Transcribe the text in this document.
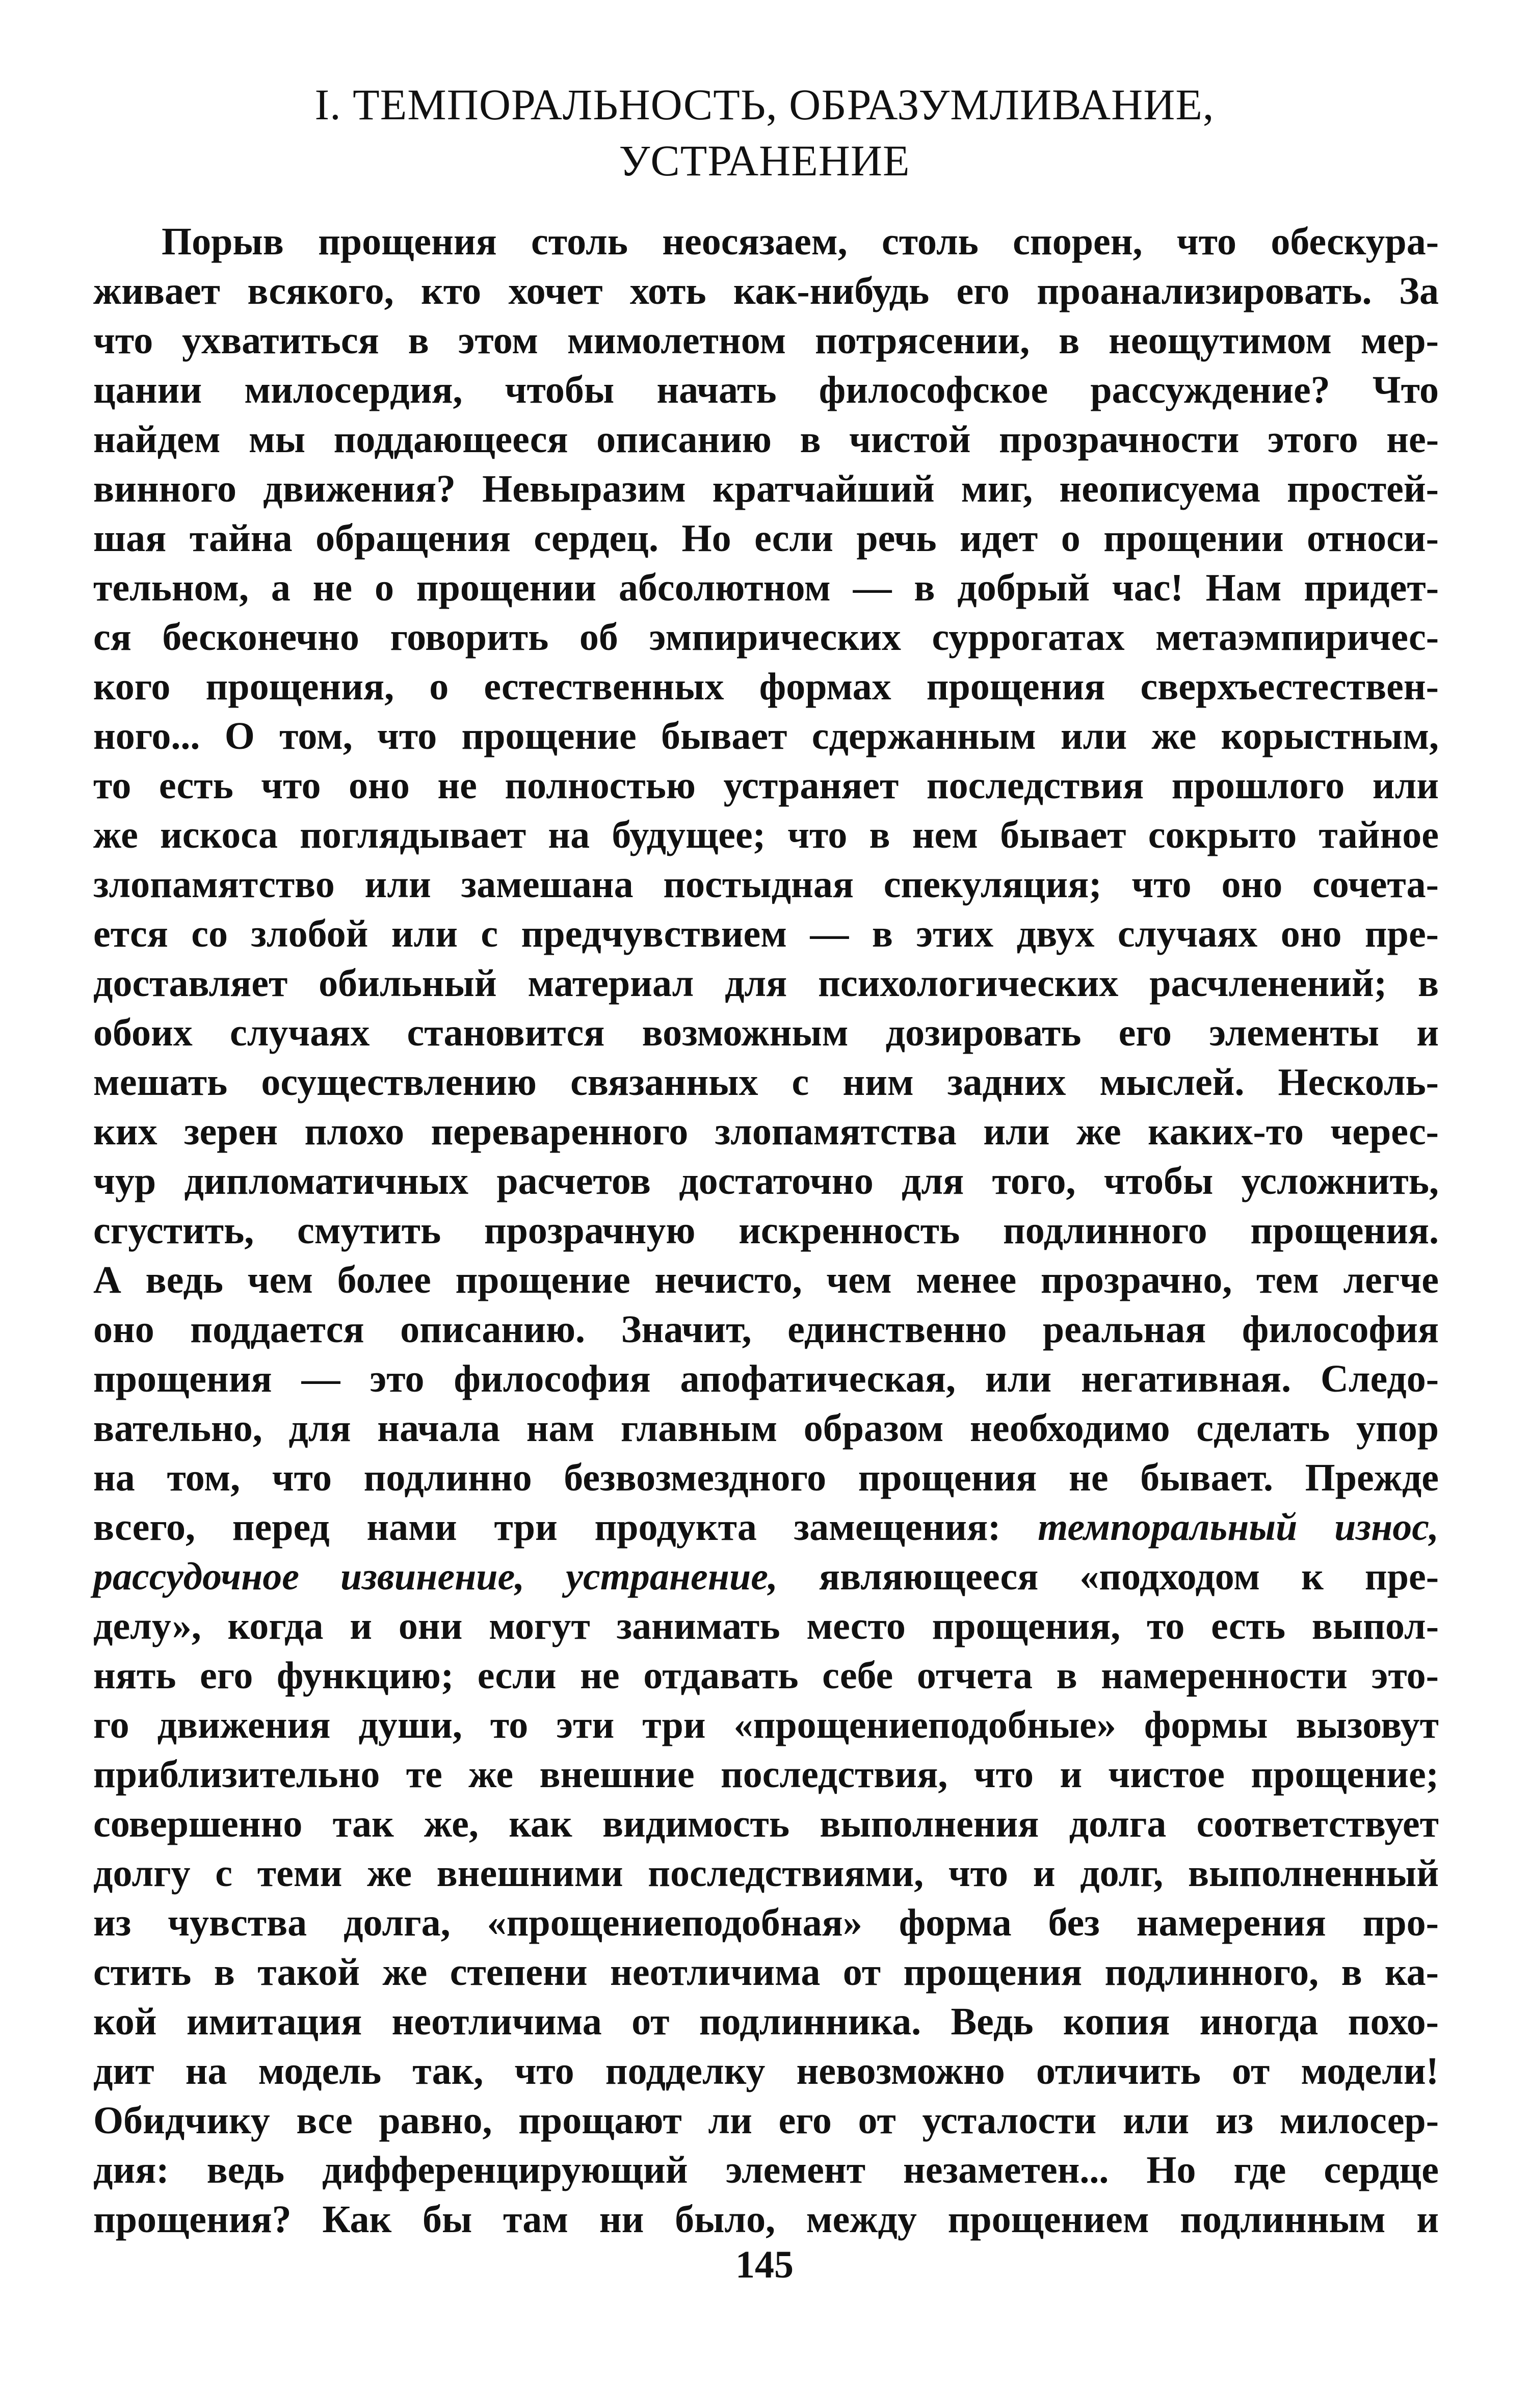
I. ТЕМПОРАЛЬНОСТЬ, ОБРАЗУМЛИВАНИЕ,
УСТРАНЕНИЕ
Порыв прощения столь неосязаем, столь спорен, что обескура-
живает всякого, кто хочет хоть как-нибудь его проанализировать. За
что ухватиться в этом мимолетном потрясении, в неощутимом мер-
цании милосердия, чтобы начать философское рассуждение? Что
найдем мы поддающееся описанию в чистой прозрачности этого не-
винного движения? Невыразим кратчайший миг, неописуема простей-
шая тайна обращения сердец. Но если речь идет о прощении относи-
тельном, а не о прощении абсолютном — в добрый час! Нам придет-
ся бесконечно говорить об эмпирических суррогатах метаэмпиричес-
кого прощения, о естественных формах прощения сверхъестествен-
ного... О том, что прощение бывает сдержанным или же корыстным,
то есть что оно не полностью устраняет последствия прошлого или
же искоса поглядывает на будущее; что в нем бывает сокрыто тайное
злопамятство или замешана постыдная спекуляция; что оно сочета-
ется со злобой или с предчувствием — в этих двух случаях оно пре-
доставляет обильный материал для психологических расчленений; в
обоих случаях становится возможным дозировать его элементы и
мешать осуществлению связанных с ним задних мыслей. Несколь-
ких зерен плохо переваренного злопамятства или же каких-то черес-
чур дипломатичных расчетов достаточно для того, чтобы усложнить,
сгустить, смутить прозрачную искренность подлинного прощения.
А ведь чем более прощение нечисто, чем менее прозрачно, тем легче
оно поддается описанию. Значит, единственно реальная философия
прощения — это философия апофатическая, или негативная. Следо-
вательно, для начала нам главным образом необходимо сделать упор
на том, что подлинно безвозмездного прощения не бывает. Прежде
всего, перед нами три продукта замещения: темпоральный износ,
рассудочное извинение, устранение, являющееся «подходом к пре-
делу», когда и они могут занимать место прощения, то есть выпол-
нять его функцию; если не отдавать себе отчета в намеренности это-
го движения души, то эти три «прощениеподобные» формы вызовут
приблизительно те же внешние последствия, что и чистое прощение;
совершенно так же, как видимость выполнения долга соответствует
долгу с теми же внешними последствиями, что и долг, выполненный
из чувства долга, «прощениеподобная» форма без намерения про-
стить в такой же степени неотличима от прощения подлинного, в ка-
кой имитация неотличима от подлинника. Ведь копия иногда похо-
дит на модель так, что подделку невозможно отличить от модели!
Обидчику все равно, прощают ли его от усталости или из милосер-
дия: ведь дифференцирующий элемент незаметен... Но где сердце
прощения? Как бы там ни было, между прощением подлинным и
145
